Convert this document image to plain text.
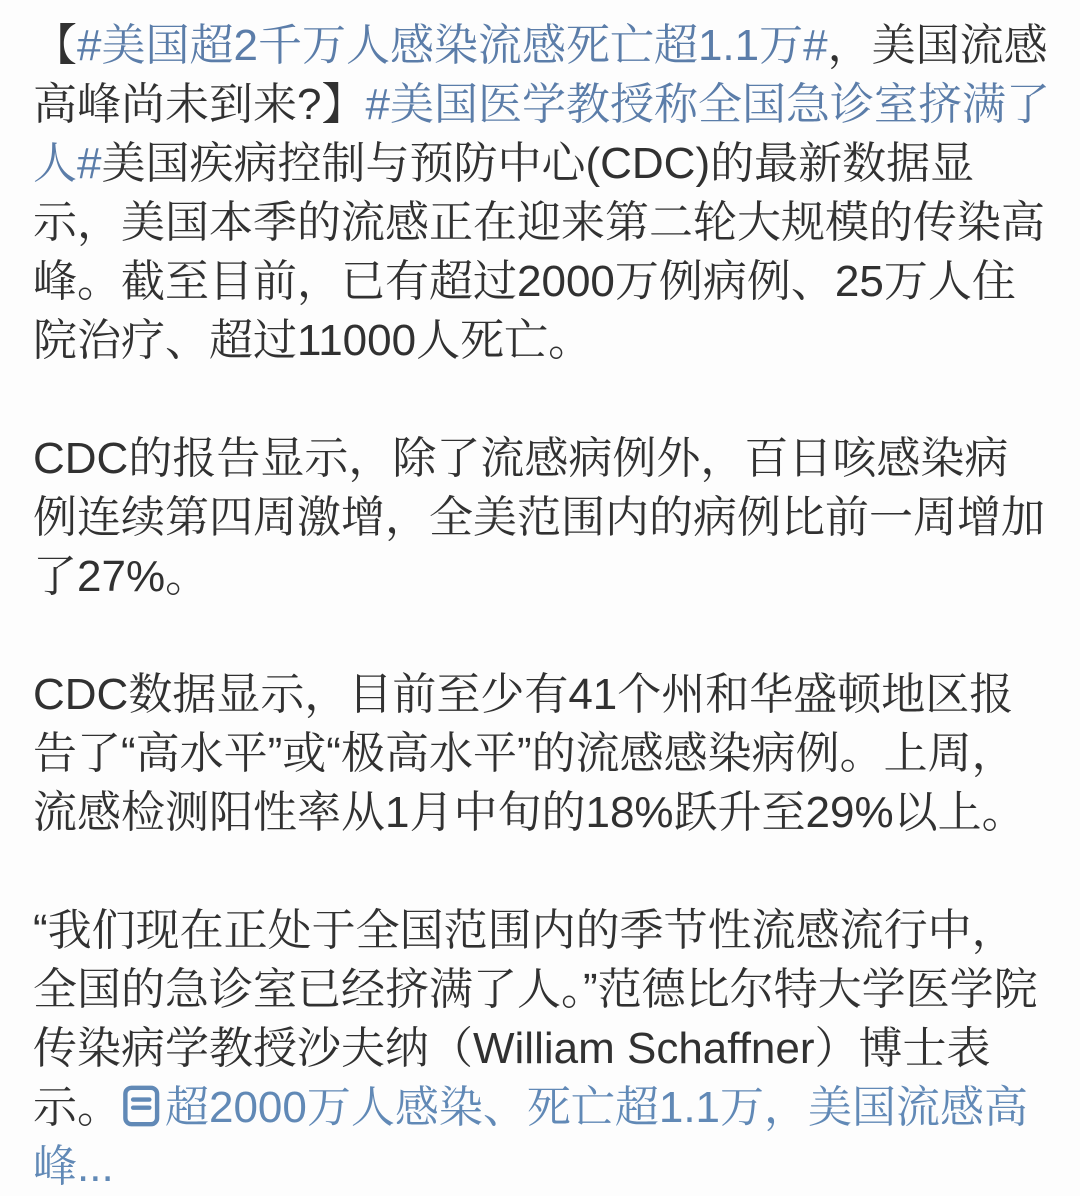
【#美国超2千万人感染流感死亡超1.1万#，美国流感高峰尚未到来?】#美国医学教授称全国急诊室挤满了人#美国疾病控制与预防中心(CDC)的最新数据显示，美国本季的流感正在迎来第二轮大规模的传染高峰。截至目前，已有超过2000万例病例、25万人住院治疗、超过11000人死亡。

CDC的报告显示，除了流感病例外，百日咳感染病例连续第四周激增，全美范围内的病例比前一周增加了27%。

CDC数据显示，目前至少有41个州和华盛顿地区报告了“高水平”或“极高水平”的流感感染病例。上周，流感检测阳性率从1月中旬的18%跃升至29%以上。

“我们现在正处于全国范围内的季节性流感流行中，全国的急诊室已经挤满了人。”范德比尔特大学医学院传染病学教授沙夫纳（William Schaffner）博士表示。 超2000万人感染、死亡超1.1万，美国流感高峰...
